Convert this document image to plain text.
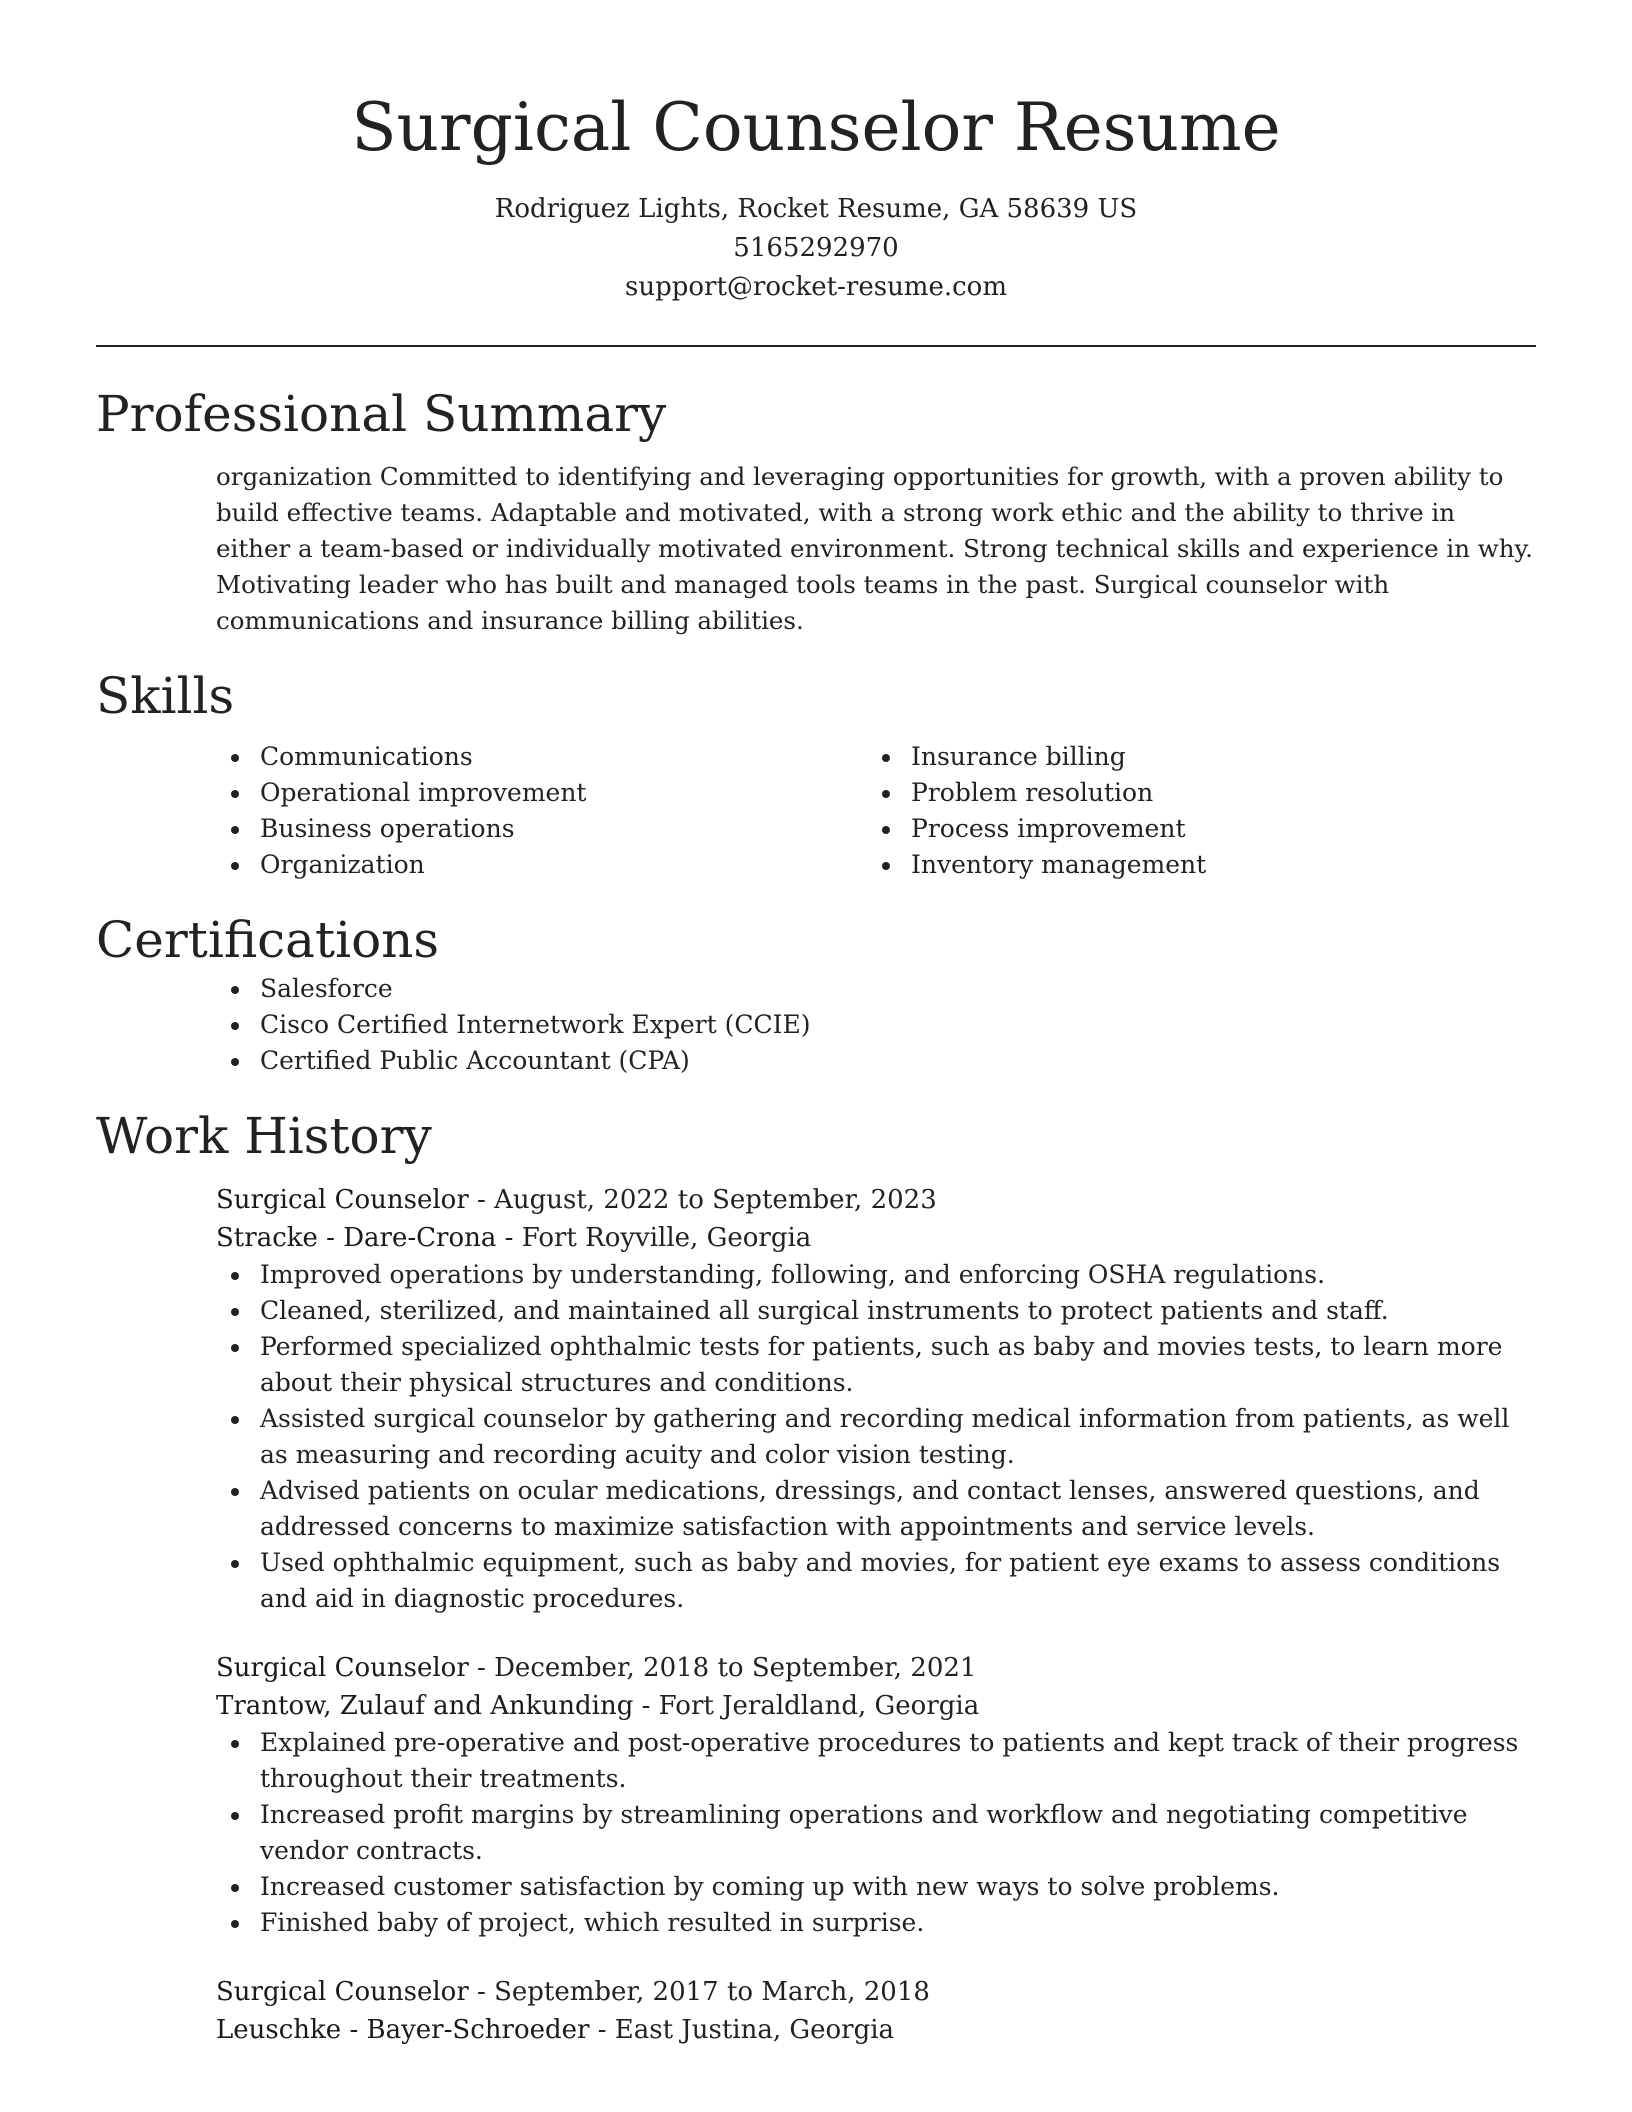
Surgical Counselor Resume

Rodriguez Lights, Rocket Resume, GA 58639 US

5165292970

support@rocket-resume.com

Professional Summary

organization Committed to identifying and leveraging opportunities for growth, with a proven ability to build effective teams. Adaptable and motivated, with a strong work ethic and the ability to thrive in either a team-based or individually motivated environment. Strong technical skills and experience in why. Motivating leader who has built and managed tools teams in the past. Surgical counselor with communications and insurance billing abilities.

Skills
Communications
Operational improvement
Business operations
Organization
Insurance billing
Problem resolution
Process improvement
Inventory management
Certifications
Salesforce
Cisco Certified Internetwork Expert (CCIE)
Certified Public Accountant (CPA)
Work History

Surgical Counselor - August, 2022 to September, 2023

Stracke - Dare-Crona - Fort Royville, Georgia

Improved operations by understanding, following, and enforcing OSHA regulations.
Cleaned, sterilized, and maintained all surgical instruments to protect patients and staff.
Performed specialized ophthalmic tests for patients, such as baby and movies tests, to learn more about their physical structures and conditions.
Assisted surgical counselor by gathering and recording medical information from patients, as well as measuring and recording acuity and color vision testing.
Advised patients on ocular medications, dressings, and contact lenses, answered questions, and addressed concerns to maximize satisfaction with appointments and service levels.
Used ophthalmic equipment, such as baby and movies, for patient eye exams to assess conditions and aid in diagnostic procedures.

Surgical Counselor - December, 2018 to September, 2021

Trantow, Zulauf and Ankunding - Fort Jeraldland, Georgia

Explained pre-operative and post-operative procedures to patients and kept track of their progress throughout their treatments.
Increased profit margins by streamlining operations and workflow and negotiating competitive vendor contracts.
Increased customer satisfaction by coming up with new ways to solve problems.
Finished baby of project, which resulted in surprise.

Surgical Counselor - September, 2017 to March, 2018

Leuschke - Bayer-Schroeder - East Justina, Georgia
